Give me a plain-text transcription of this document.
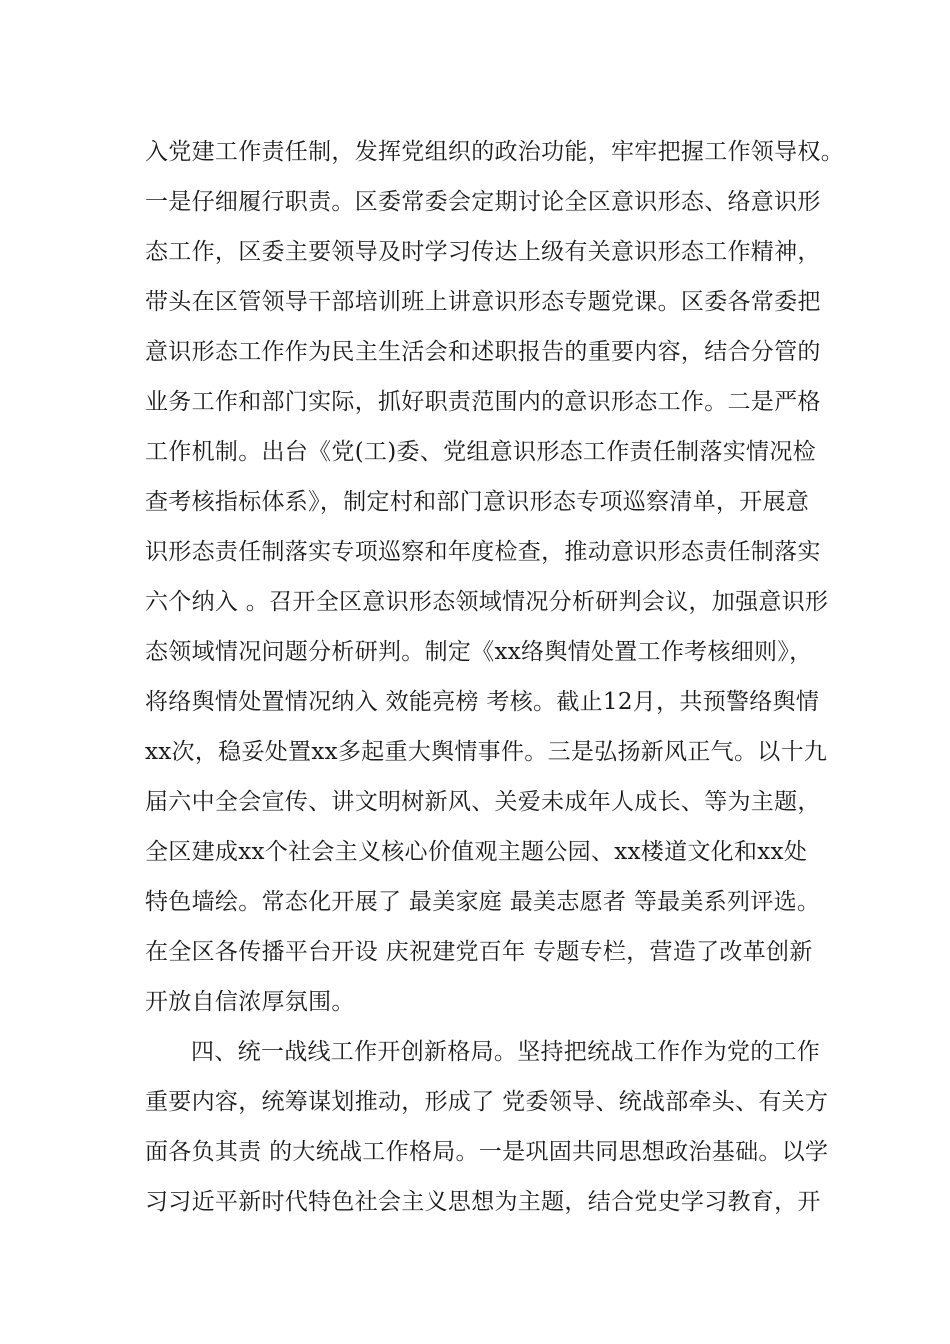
入党建工作责任制，发挥党组织的政治功能，牢牢把握工作领导权。
一是仔细履行职责。区委常委会定期讨论全区意识形态、络意识形
态工作，区委主要领导及时学习传达上级有关意识形态工作精神，
带头在区管领导干部培训班上讲意识形态专题党课。区委各常委把
意识形态工作作为民主生活会和述职报告的重要内容，结合分管的
业务工作和部门实际，抓好职责范围内的意识形态工作。二是严格
工作机制。出台《党(工)委、党组意识形态工作责任制落实情况检
查考核指标体系》，制定村和部门意识形态专项巡察清单，开展意
识形态责任制落实专项巡察和年度检查，推动意识形态责任制落实
六个纳入 。召开全区意识形态领域情况分析研判会议，加强意识形
态领域情况问题分析研判。制定《xx络舆情处置工作考核细则》，
将络舆情处置情况纳入 效能亮榜 考核。截止12月，共预警络舆情
xx次，稳妥处置xx多起重大舆情事件。三是弘扬新风正气。以十九
届六中全会宣传、讲文明树新风、关爱未成年人成长、等为主题，
全区建成xx个社会主义核心价值观主题公园、xx楼道文化和xx处
特色墙绘。常态化开展了 最美家庭 最美志愿者 等最美系列评选。
在全区各传播平台开设 庆祝建党百年 专题专栏，营造了改革创新
开放自信浓厚氛围。
四、统一战线工作开创新格局。坚持把统战工作作为党的工作
重要内容，统筹谋划推动，形成了 党委领导、统战部牵头、有关方
面各负其责 的大统战工作格局。一是巩固共同思想政治基础。以学
习习近平新时代特色社会主义思想为主题，结合党史学习教育，开
